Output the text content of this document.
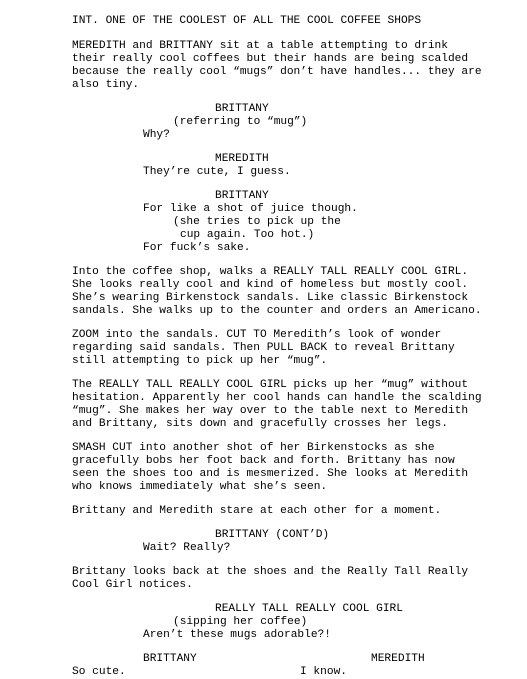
INT. ONE OF THE COOLEST OF ALL THE COOL COFFEE SHOPS
MEREDITH and BRITTANY sit at a table attempting to drink
their really cool coffees but their hands are being scalded
because the really cool “mugs” don’t have handles... they are
also tiny.
BRITTANY
(referring to “mug”)
Why?
MEREDITH
They’re cute, I guess.
BRITTANY
For like a shot of juice though.
(she tries to pick up the
cup again. Too hot.)
For fuck’s sake.
Into the coffee shop, walks a REALLY TALL REALLY COOL GIRL.
She looks really cool and kind of homeless but mostly cool.
She’s wearing Birkenstock sandals. Like classic Birkenstock
sandals. She walks up to the counter and orders an Americano.
ZOOM into the sandals. CUT TO Meredith’s look of wonder
regarding said sandals. Then PULL BACK to reveal Brittany
still attempting to pick up her “mug”.
The REALLY TALL REALLY COOL GIRL picks up her “mug” without
hesitation. Apparently her cool hands can handle the scalding
“mug”. She makes her way over to the table next to Meredith
and Brittany, sits down and gracefully crosses her legs.
SMASH CUT into another shot of her Birkenstocks as she
gracefully bobs her foot back and forth. Brittany has now
seen the shoes too and is mesmerized. She looks at Meredith
who knows immediately what she’s seen.
Brittany and Meredith stare at each other for a moment.
BRITTANY (CONT’D)
Wait? Really?
Brittany looks back at the shoes and the Really Tall Really
Cool Girl notices.
REALLY TALL REALLY COOL GIRL
(sipping her coffee)
Aren’t these mugs adorable?!
BRITTANY
So cute.
MEREDITH
I know.
